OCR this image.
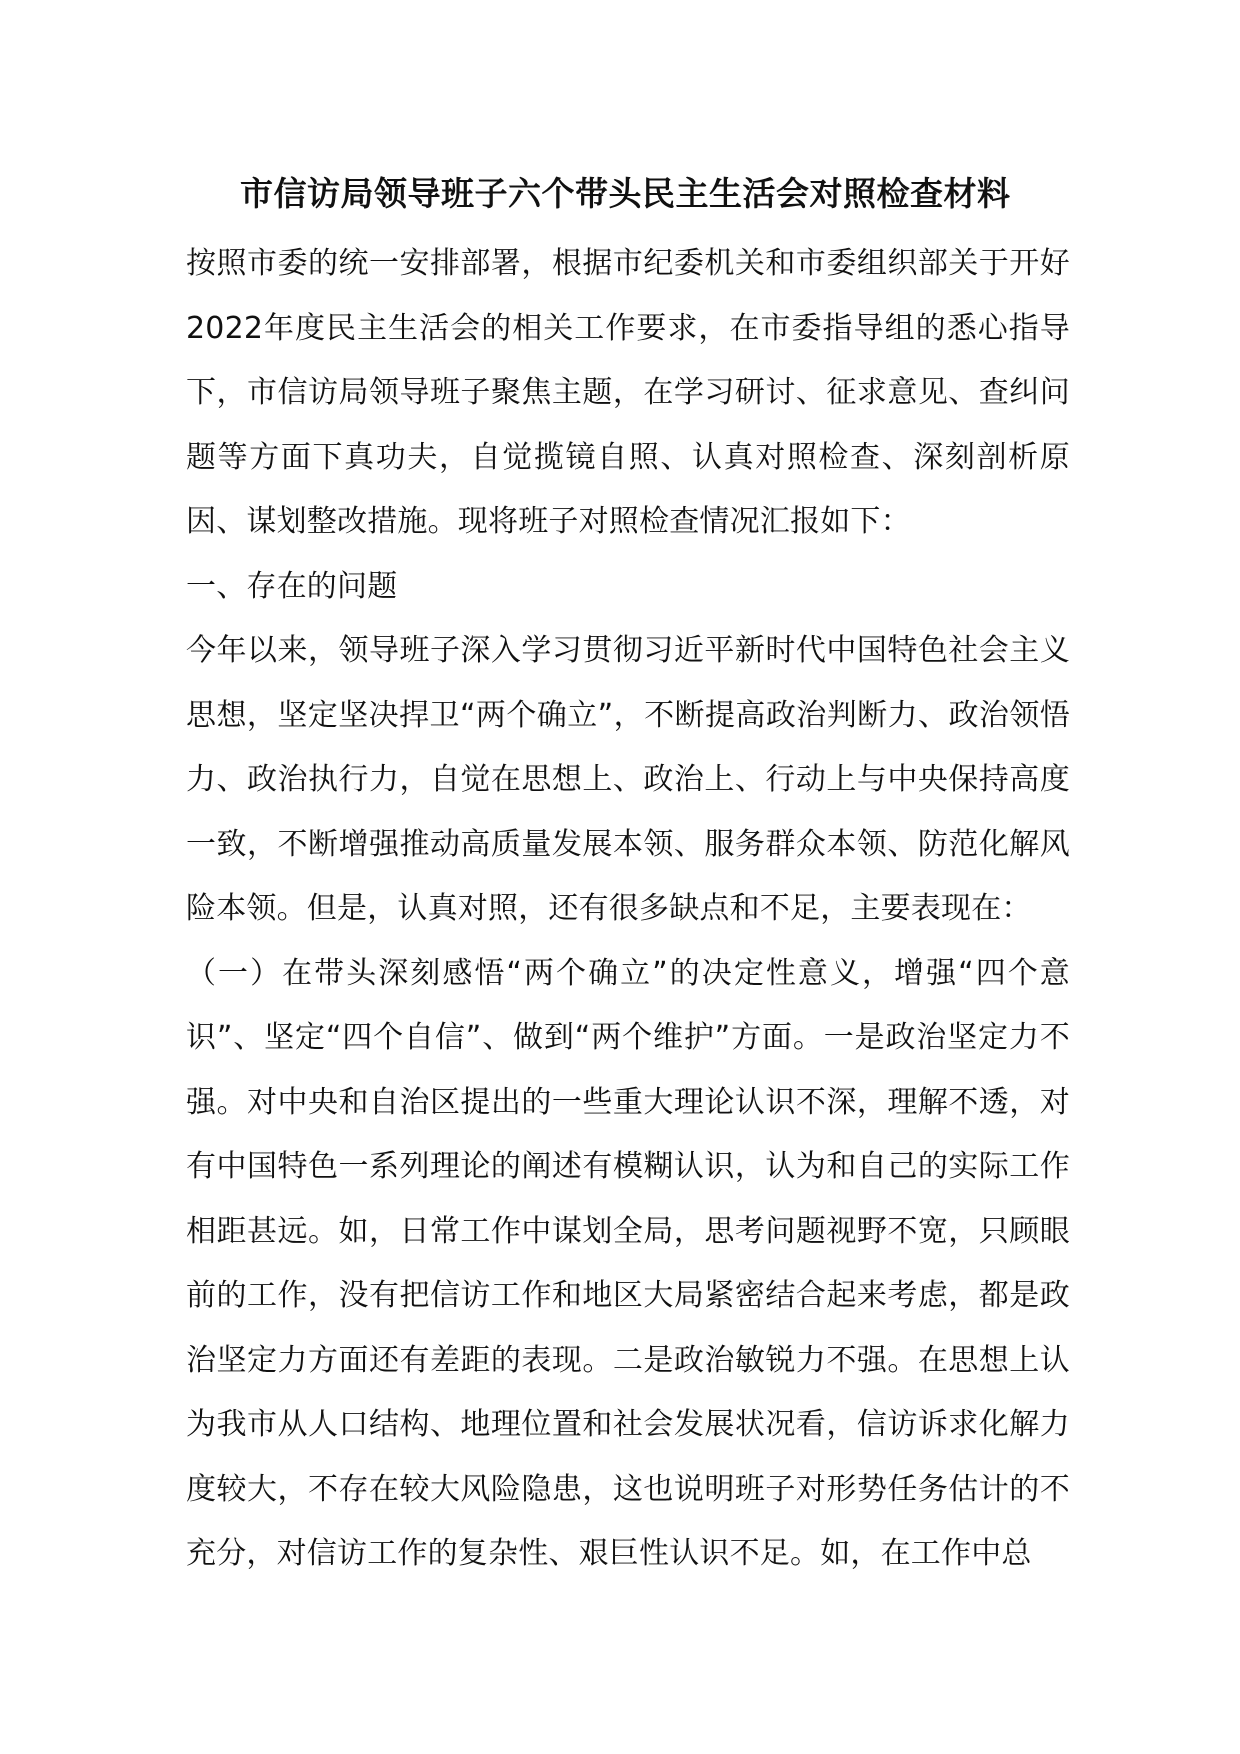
市信访局领导班子六个带头民主生活会对照检查材料

按照市委的统一安排部署，根据市纪委机关和市委组织部关于开好2022年度民主生活会的相关工作要求，在市委指导组的悉心指导下，市信访局领导班子聚焦主题，在学习研讨、征求意见、查纠问题等方面下真功夫，自觉揽镜自照、认真对照检查、深刻剖析原因、谋划整改措施。现将班子对照检查情况汇报如下：

一、存在的问题

今年以来，领导班子深入学习贯彻习近平新时代中国特色社会主义思想，坚定坚决捍卫“两个确立”，不断提高政治判断力、政治领悟力、政治执行力，自觉在思想上、政治上、行动上与中央保持高度一致，不断增强推动高质量发展本领、服务群众本领、防范化解风险本领。但是，认真对照，还有很多缺点和不足，主要表现在：

（一）在带头深刻感悟“两个确立”的决定性意义，增强“四个意识”、坚定“四个自信”、做到“两个维护”方面。一是政治坚定力不强。对中央和自治区提出的一些重大理论认识不深，理解不透，对有中国特色一系列理论的阐述有模糊认识，认为和自己的实际工作相距甚远。如，日常工作中谋划全局，思考问题视野不宽，只顾眼前的工作，没有把信访工作和地区大局紧密结合起来考虑，都是政治坚定力方面还有差距的表现。二是政治敏锐力不强。在思想上认为我市从人口结构、地理位置和社会发展状况看，信访诉求化解力度较大，不存在较大风险隐患，这也说明班子对形势任务估计的不充分，对信访工作的复杂性、艰巨性认识不足。如，在工作中总
